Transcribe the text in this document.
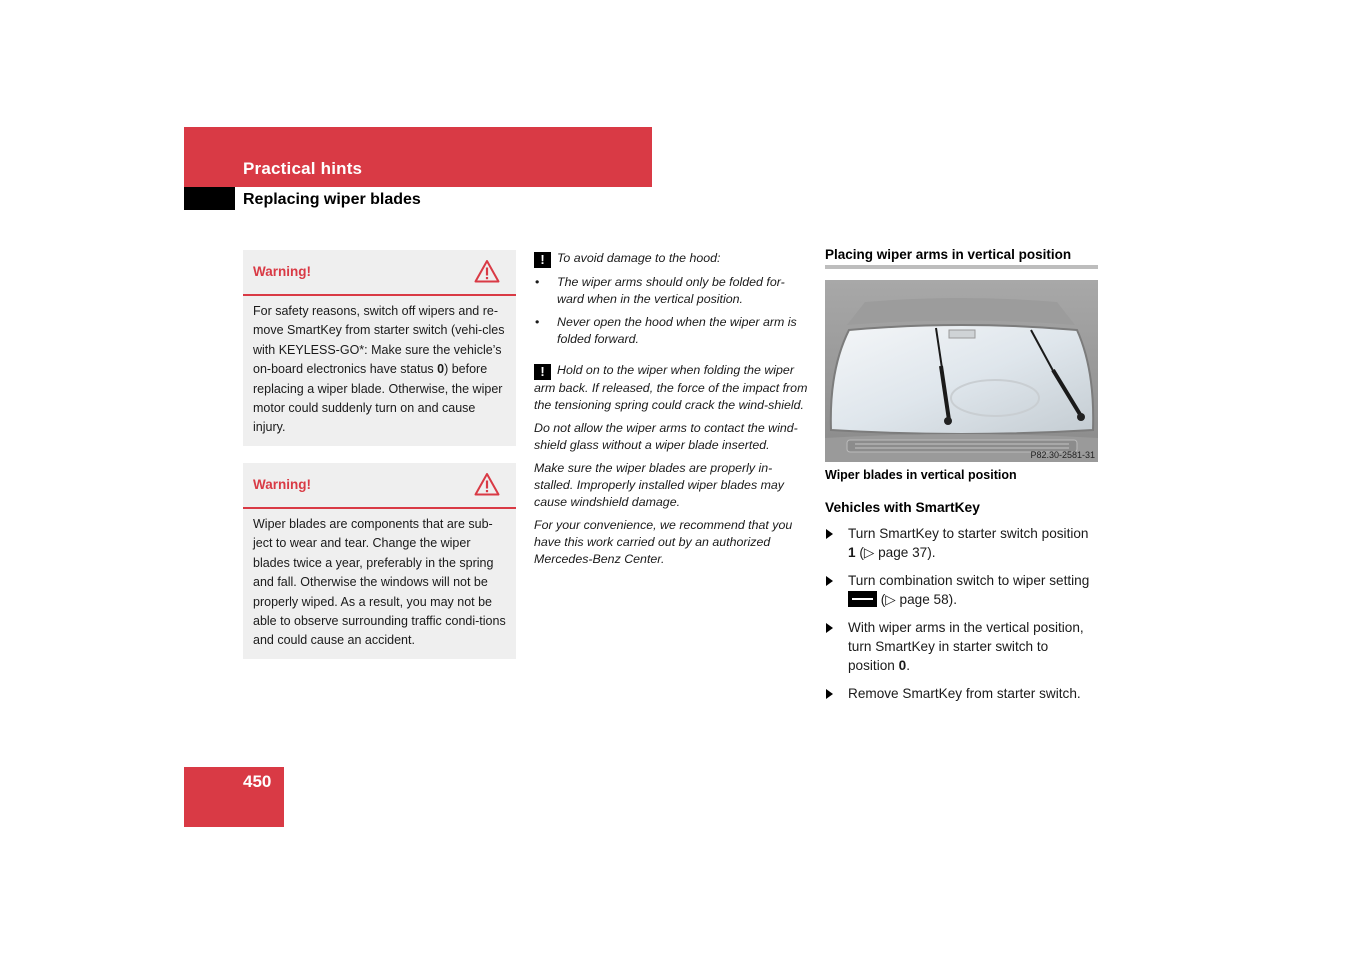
Practical hints
Replacing wiper blades
Warning!

For safety reasons, switch off wipers and re-move SmartKey from starter switch (vehi-cles with KEYLESS-GO*: Make sure the vehicle’s on-board electronics have status 0) before replacing a wiper blade. Otherwise, the wiper motor could suddenly turn on and cause injury.

Warning!

Wiper blades are components that are sub-ject to wear and tear. Change the wiper blades twice a year, preferably in the spring and fall. Otherwise the windows will not be properly wiped. As a result, you may not be able to observe surrounding traffic condi-tions and could cause an accident.

! To avoid damage to the hood:

• The wiper arms should only be folded for-ward when in the vertical position.
• Never open the hood when the wiper arm is folded forward.

! Hold on to the wiper when folding the wiper arm back. If released, the force of the impact from the tensioning spring could crack the wind-shield.

Do not allow the wiper arms to contact the wind-shield glass without a wiper blade inserted.

Make sure the wiper blades are properly in-stalled. Improperly installed wiper blades may cause windshield damage.

For your convenience, we recommend that you have this work carried out by an authorized Mercedes-Benz Center.

Placing wiper arms in vertical position
P82.30-2581-31
Wiper blades in vertical position
Vehicles with SmartKey
Turn SmartKey to starter switch position 1 (▷ page 37).
Turn combination switch to wiper setting  (▷ page 58).
With wiper arms in the vertical position, turn SmartKey in starter switch to position 0.
Remove SmartKey from starter switch.
450
